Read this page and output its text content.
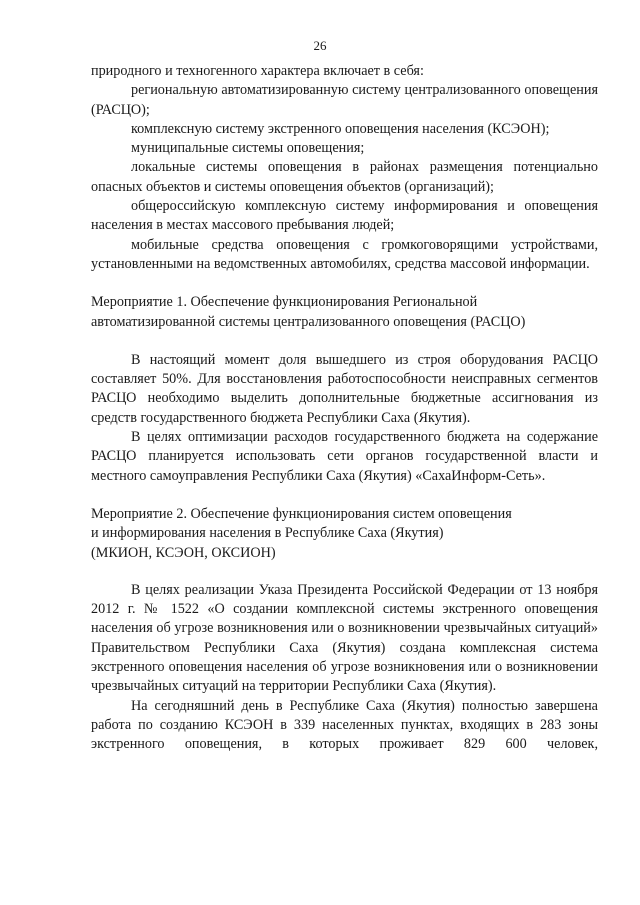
26

природного и техногенного характера включает в себя:

региональную автоматизированную систему централизованного оповещения (РАСЦО);

комплексную систему экстренного оповещения населения (КСЭОН);

муниципальные системы оповещения;

локальные системы оповещения в районах размещения потенциально опасных объектов и системы оповещения объектов (организаций);

общероссийскую комплексную систему информирования и оповещения населения в местах массового пребывания людей;

мобильные средства оповещения с громкоговорящими устройствами, установленными на ведомственных автомобилях, средства массовой информации.

Мероприятие 1. Обеспечение функционирования Региональной

автоматизированной системы централизованного оповещения (РАСЦО)

В настоящий момент доля вышедшего из строя оборудования РАСЦО составляет 50%. Для восстановления работоспособности неисправных сегментов РАСЦО необходимо выделить дополнительные бюджетные ассигнования из средств государственного бюджета Республики Саха (Якутия).

В целях оптимизации расходов государственного бюджета на содержание РАСЦО планируется использовать сети органов государственной власти и местного самоуправления Республики Саха (Якутия) «СахаИнформ-Сеть».

Мероприятие 2. Обеспечение функционирования систем оповещения

и информирования населения в Республике Саха (Якутия)

(МКИОН, КСЭОН, ОКСИОН)

В целях реализации Указа Президента Российской Федерации от 13 ноября 2012 г. № 1522 «О создании комплексной системы экстренного оповещения населения об угрозе возникновения или о возникновении чрезвычайных ситуаций» Правительством Республики Саха (Якутия) создана комплексная система экстренного оповещения населения об угрозе возникновения или о возникновении чрезвычайных ситуаций на территории Республики Саха (Якутия).

На сегодняшний день в Республике Саха (Якутия) полностью завершена работа по созданию КСЭОН в 339 населенных пунктах, входящих в 283 зоны экстренного оповещения, в которых проживает 829 600 человек,
